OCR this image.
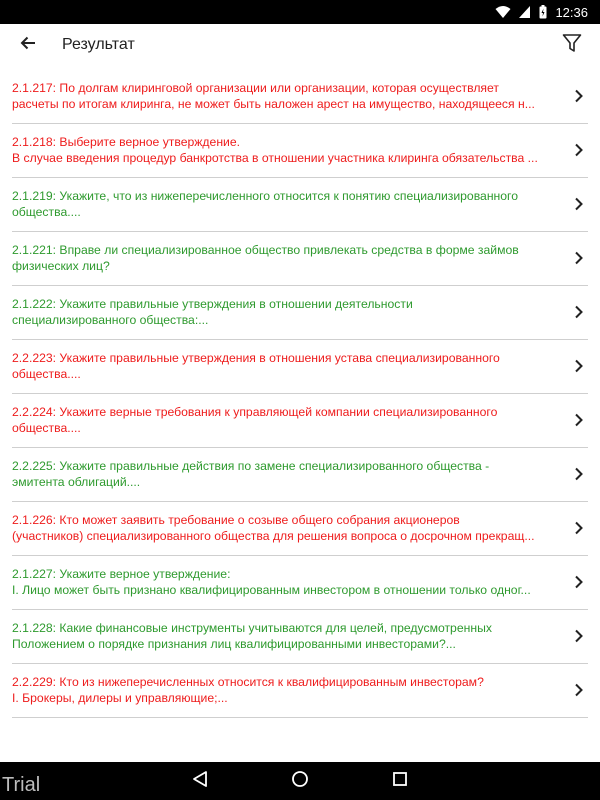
12:36
Результат
2.1.217: По долгам клиринговой организации или организации, которая осуществляет
расчеты по итогам клиринга, не может быть наложен арест на имущество, находящееся н...
2.1.218: Выберите верное утверждение.
В случае введения процедур банкротства в отношении участника клиринга обязательства ...
2.1.219: Укажите, что из нижеперечисленного относится к понятию специализированного
общества....
2.1.221: Вправе ли специализированное общество привлекать средства в форме займов
физических лиц?
2.1.222: Укажите правильные утверждения в отношении деятельности
специализированного общества:...
2.2.223: Укажите правильные утверждения в отношения устава специализированного
общества....
2.2.224: Укажите верные требования к управляющей компании специализированного
общества....
2.2.225: Укажите правильные действия по замене специализированного общества -
эмитента облигаций....
2.1.226: Кто может заявить требование о созыве общего собрания акционеров
(участников) специализированного общества для решения вопроса о досрочном прекращ...
2.1.227: Укажите верное утверждение:
I. Лицо может быть признано квалифицированным инвестором в отношении только одног...
2.1.228: Какие финансовые инструменты учитываются для целей, предусмотренных
Положением о порядке признания лиц квалифицированными инвесторами?...
2.2.229: Кто из нижеперечисленных относится к квалифицированным инвесторам?
I. Брокеры, дилеры и управляющие;...
Trial
